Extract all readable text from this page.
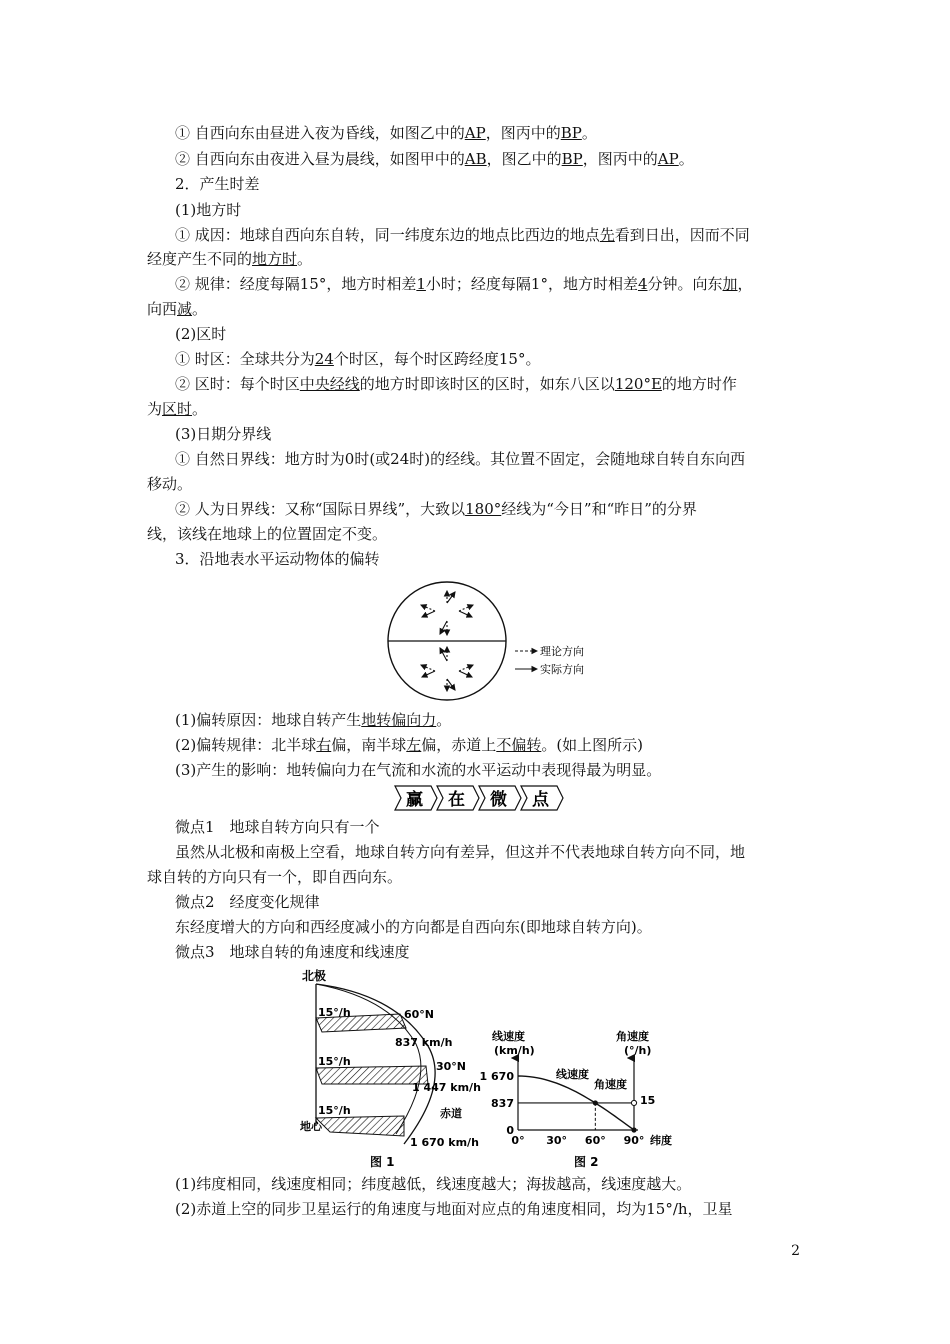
① 自西向东由昼进入夜为昏线，如图乙中的AP，图丙中的BP。
② 自西向东由夜进入昼为晨线，如图甲中的AB，图乙中的BP，图丙中的AP。
2．产生时差
(1)地方时
① 成因：地球自西向东自转，同一纬度东边的地点比西边的地点先看到日出，因而不同
经度产生不同的地方时。
② 规律：经度每隔15°，地方时相差1小时；经度每隔1°，地方时相差4分钟。向东加，
向西减。
(2)区时
① 时区：全球共分为24个时区，每个时区跨经度15°。
② 区时：每个时区中央经线的地方时即该时区的区时，如东八区以120°E的地方时作
为区时。
(3)日期分界线
① 自然日界线：地方时为0时(或24时)的经线。其位置不固定，会随地球自转自东向西
移动。
② 人为日界线：又称“国际日界线”，大致以180°经线为“今日”和“昨日”的分界
线，该线在地球上的位置固定不变。
3．沿地表水平运动物体的偏转
理论方向
实际方向
(1)偏转原因：地球自转产生地转偏向力。
(2)偏转规律：北半球右偏，南半球左偏，赤道上不偏转。(如上图所示)
(3)产生的影响：地转偏向力在气流和水流的水平运动中表现得最为明显。
赢 在 微 点
微点1　地球自转方向只有一个
虽然从北极和南极上空看，地球自转方向有差异，但这并不代表地球自转方向不同，地
球自转的方向只有一个，即自西向东。
微点2　经度变化规律
东经度增大的方向和西经度减小的方向都是自西向东(即地球自转方向)。
微点3　地球自转的角速度和线速度
北极
15°/h
15°/h
15°/h
地心
60°N
837 km/h
30°N
1 447 km/h
赤道
1 670 km/h
图 1
线速度
(km/h)
角速度
(°/h)
1 670
837
0
0° 30° 60° 90°
线速度
角速度
15
纬度
图 2
(1)纬度相同，线速度相同；纬度越低，线速度越大；海拔越高，线速度越大。
(2)赤道上空的同步卫星运行的角速度与地面对应点的角速度相同，均为15°/h，卫星
2
